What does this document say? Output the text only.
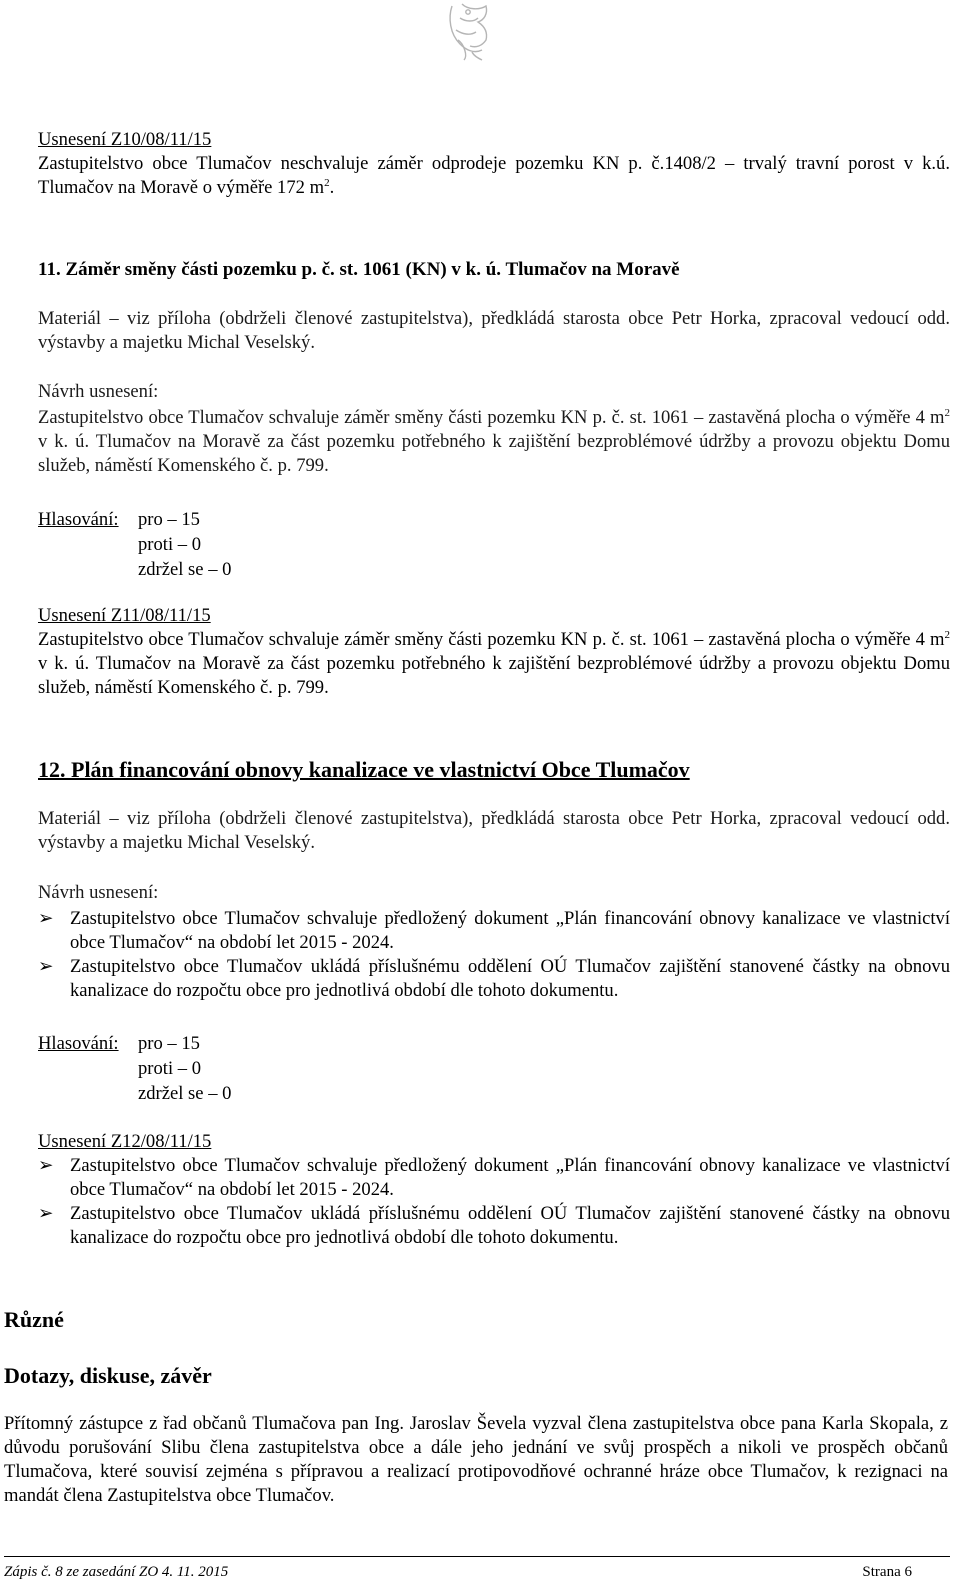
Usnesení Z10/08/11/15
Zastupitelstvo obce Tlumačov neschvaluje záměr odprodeje pozemku KN p. č.1408/2 – trvalý travní porost v k.ú. Tlumačov na Moravě o výměře 172 $m^2$.
11. Záměr směny části pozemku p. č. st. 1061 (KN) v k. ú. Tlumačov na Moravě
Materiál – viz příloha (obdrželi členové zastupitelstva), předkládá starosta obce Petr Horka, zpracoval vedoucí odd. výstavby a majetku Michal Veselský.
Návrh usnesení:
Zastupitelstvo obce Tlumačov schvaluje záměr směny části pozemku KN p. č. st. 1061 – zastavěná plocha o výměře 4 $m^2$ v k. ú. Tlumačov na Moravě za část pozemku potřebného k zajištění bezproblémové údržby a provozu objektu Domu služeb, náměstí Komenského č. p. 799.
Hlasování: pro – 15
proti – 0
zdržel se – 0
Usnesení Z11/08/11/15
Zastupitelstvo obce Tlumačov schvaluje záměr směny části pozemku KN p. č. st. 1061 – zastavěná plocha o výměře 4 $m^2$ v k. ú. Tlumačov na Moravě za část pozemku potřebného k zajištění bezproblémové údržby a provozu objektu Domu služeb, náměstí Komenského č. p. 799.
12. Plán financování obnovy kanalizace ve vlastnictví Obce Tlumačov
Materiál – viz příloha (obdrželi členové zastupitelstva), předkládá starosta obce Petr Horka, zpracoval vedoucí odd. výstavby a majetku Michal Veselský.
Návrh usnesení:
➢ Zastupitelstvo obce Tlumačov schvaluje předložený dokument „Plán financování obnovy kanalizace ve vlastnictví obce Tlumačov“ na období let 2015 - 2024.
➢ Zastupitelstvo obce Tlumačov ukládá příslušnému oddělení OÚ Tlumačov zajištění stanovené částky na obnovu kanalizace do rozpočtu obce pro jednotlivá období dle tohoto dokumentu.
Hlasování: pro – 15
proti – 0
zdržel se – 0
Usnesení Z12/08/11/15
➢ Zastupitelstvo obce Tlumačov schvaluje předložený dokument „Plán financování obnovy kanalizace ve vlastnictví obce Tlumačov“ na období let 2015 - 2024.
➢ Zastupitelstvo obce Tlumačov ukládá příslušnému oddělení OÚ Tlumačov zajištění stanovené částky na obnovu kanalizace do rozpočtu obce pro jednotlivá období dle tohoto dokumentu.
Různé
Dotazy, diskuse, závěr
Přítomný zástupce z řad občanů Tlumačova pan Ing. Jaroslav Ševela vyzval člena zastupitelstva obce pana Karla Skopala, z důvodu porušování Slibu člena zastupitelstva obce a dále jeho jednání ve svůj prospěch a nikoli ve prospěch občanů Tlumačova, které souvisí zejména s přípravou a realizací protipovodňové ochranné hráze obce Tlumačov, k rezignaci na mandát člena Zastupitelstva obce Tlumačov.
Zápis č. 8 ze zasedání ZO 4. 11. 2015	Strana 6
